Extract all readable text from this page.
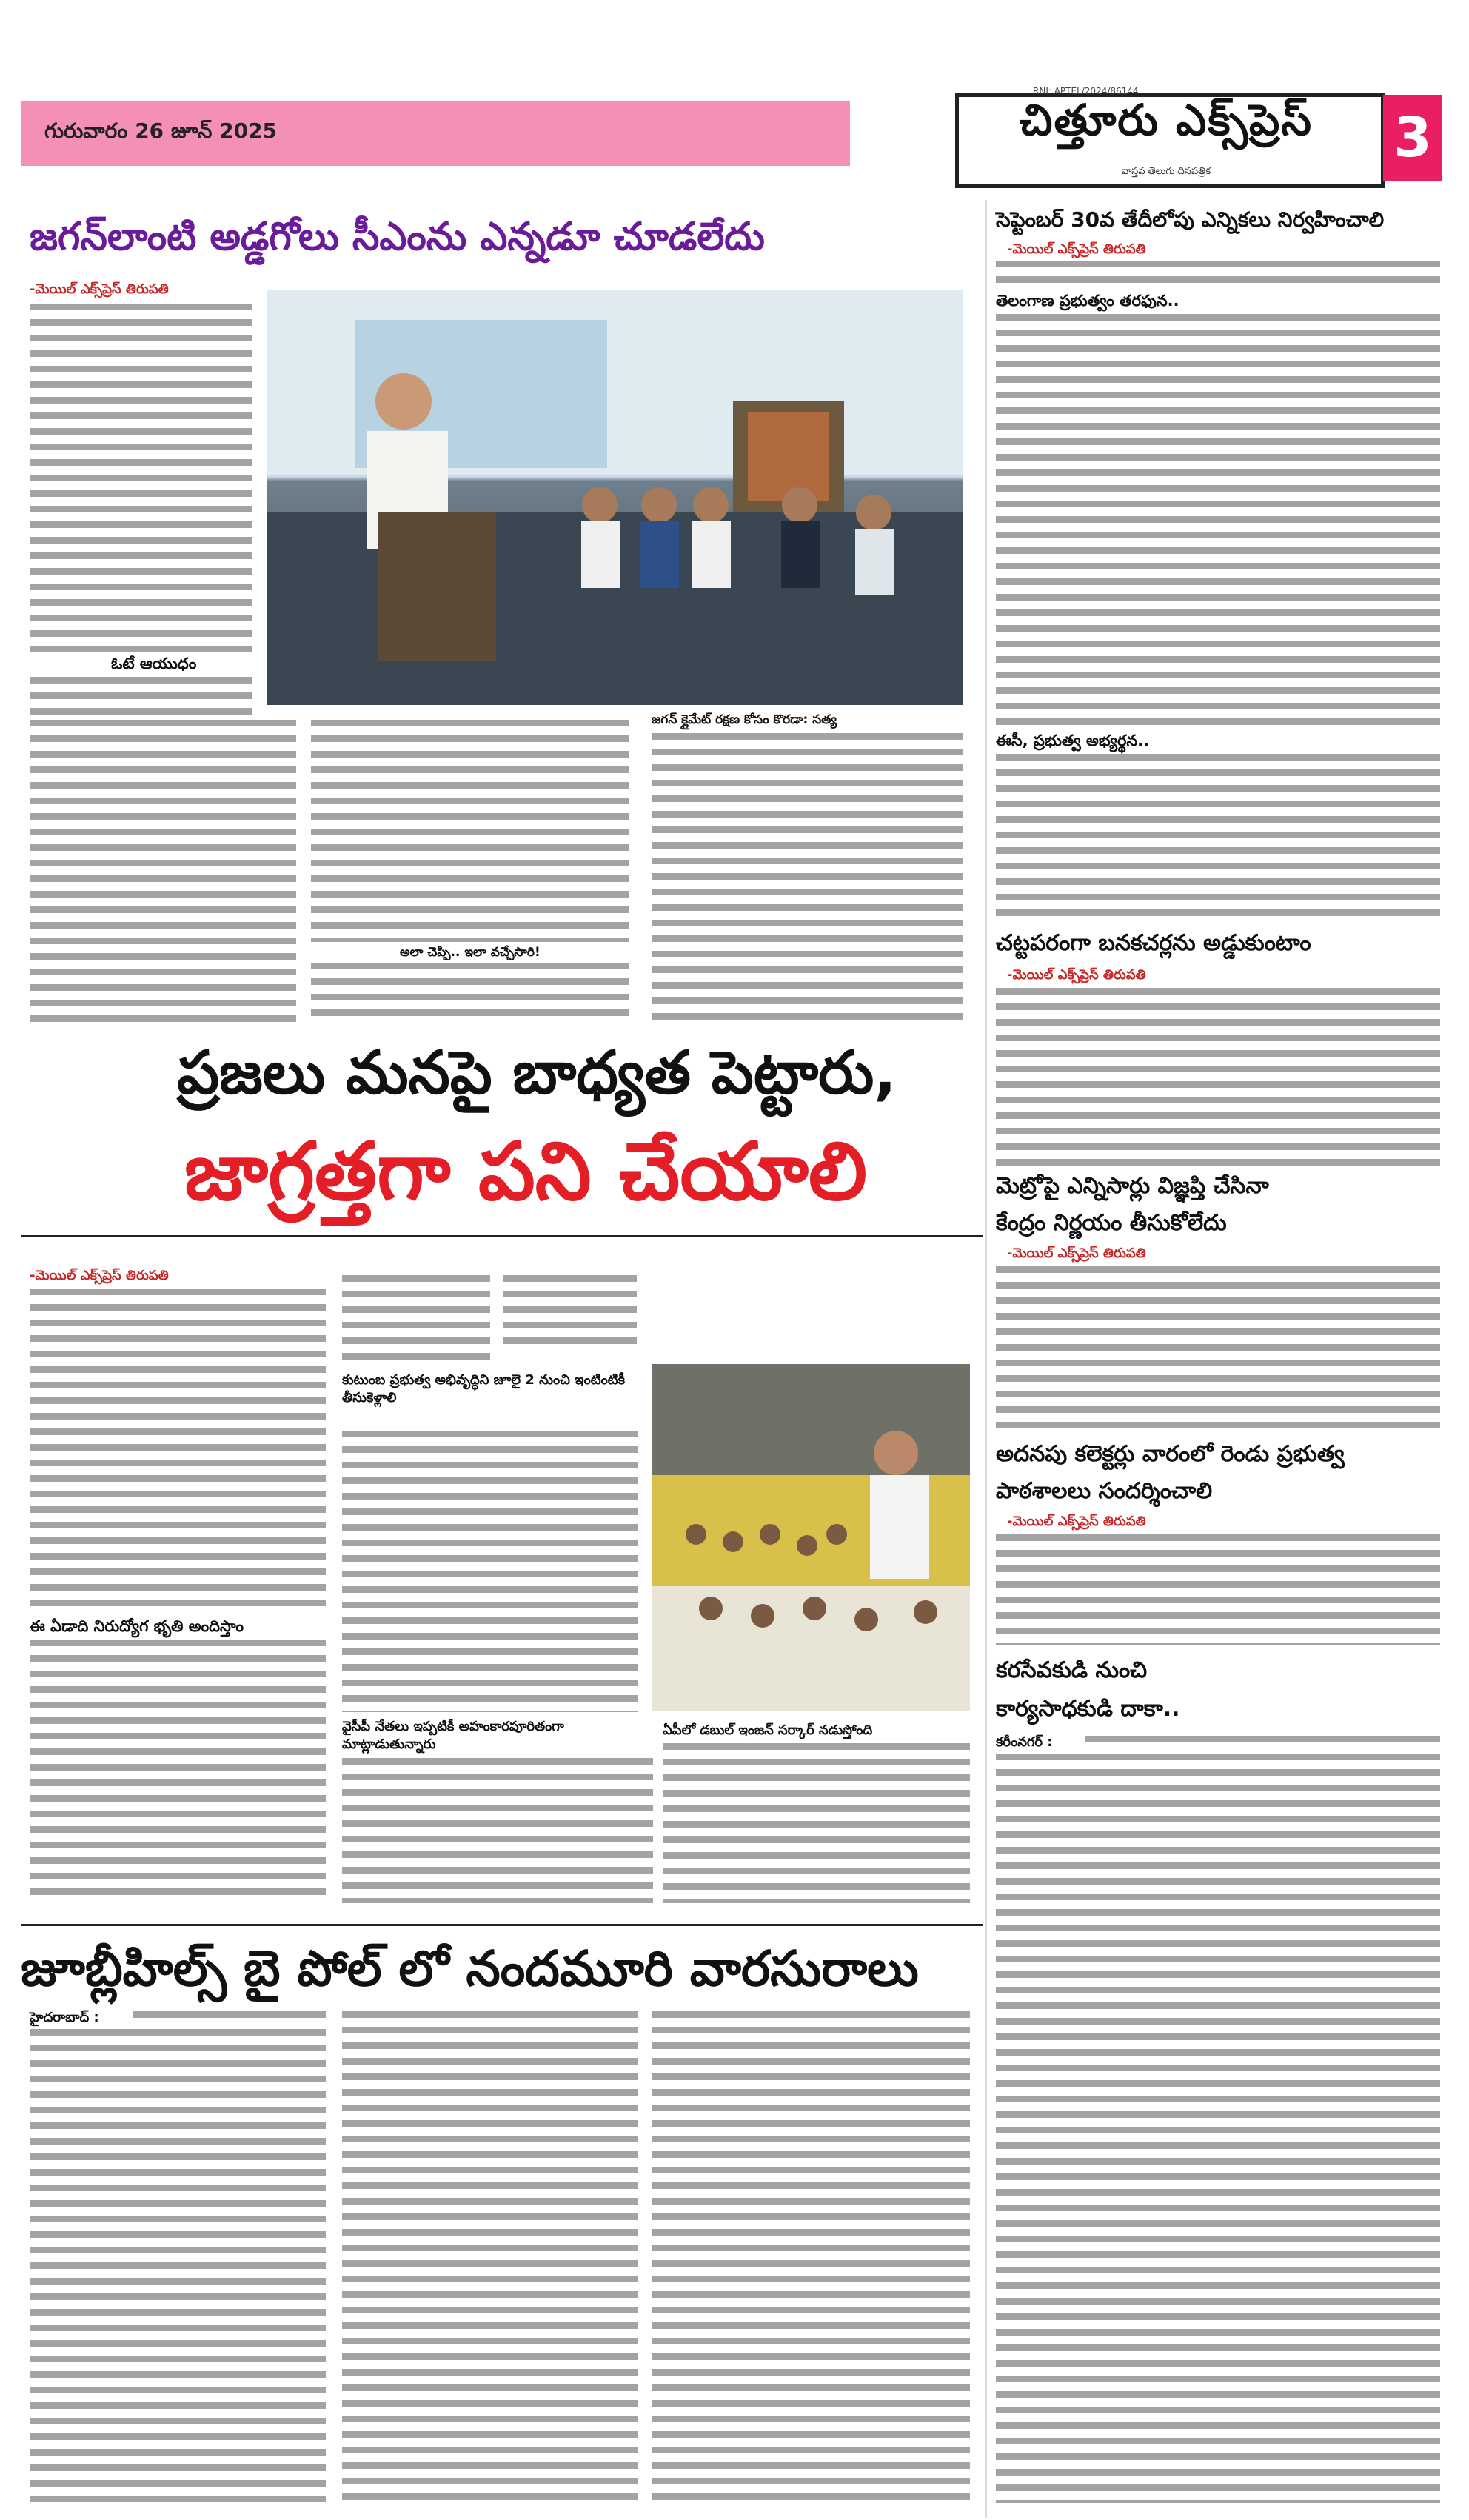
గురువారం 26 జూన్ 2025
RNI: APTEL/2024/86144
చిత్తూరు ఎక్స్‌ప్రెస్
వాస్తవ తెలుగు దినపత్రిక
3
జగన్‌లాంటి అడ్డగోలు సీఎంను ఎన్నడూ చూడలేదు
-మెయిల్ ఎక్స్‌ప్రెస్ తిరుపతి
ఓటే ఆయుధం
అలా చెప్పి.. ఇలా వచ్చేసారి!
జగన్ క్లైమేట్ రక్షణ కోసం కొరడా: సత్య
ప్రజలు మనపై బాధ్యత పెట్టారు,
జాగ్రత్తగా పని చేయాలి
-మెయిల్ ఎక్స్‌ప్రెస్ తిరుపతి
ఈ ఏడాది నిరుద్యోగ భృతి అందిస్తాం
కుటుంబ ప్రభుత్వ అభివృద్ధిని జూలై 2 నుంచి ఇంటింటికీ తీసుకెళ్లాలి
వైసీపీ నేతలు ఇప్పటికీ అహంకారపూరితంగా మాట్లాడుతున్నారు
ఏపీలో డబుల్ ఇంజన్ సర్కార్ నడుస్తోంది
జూబ్లీహిల్స్ బై పోల్ లో నందమూరి వారసురాలు
హైదరాబాద్ :
సెప్టెంబర్ 30వ తేదీలోపు ఎన్నికలు నిర్వహించాలి
-మెయిల్ ఎక్స్‌ప్రెస్ తిరుపతి
తెలంగాణ ప్రభుత్వం తరఫున..
ఈసీ, ప్రభుత్వ అభ్యర్థన..
చట్టపరంగా బనకచర్లను అడ్డుకుంటాం
-మెయిల్ ఎక్స్‌ప్రెస్ తిరుపతి
మెట్రోపై ఎన్నిసార్లు విజ్ఞప్తి చేసినా
కేంద్రం నిర్ణయం తీసుకోలేదు
-మెయిల్ ఎక్స్‌ప్రెస్ తిరుపతి
అదనపు కలెక్టర్లు వారంలో రెండు ప్రభుత్వ
పాఠశాలలు సందర్శించాలి
-మెయిల్ ఎక్స్‌ప్రెస్ తిరుపతి
కరసేవకుడి నుంచి
కార్యసాధకుడి దాకా..
కరీంనగర్ :
